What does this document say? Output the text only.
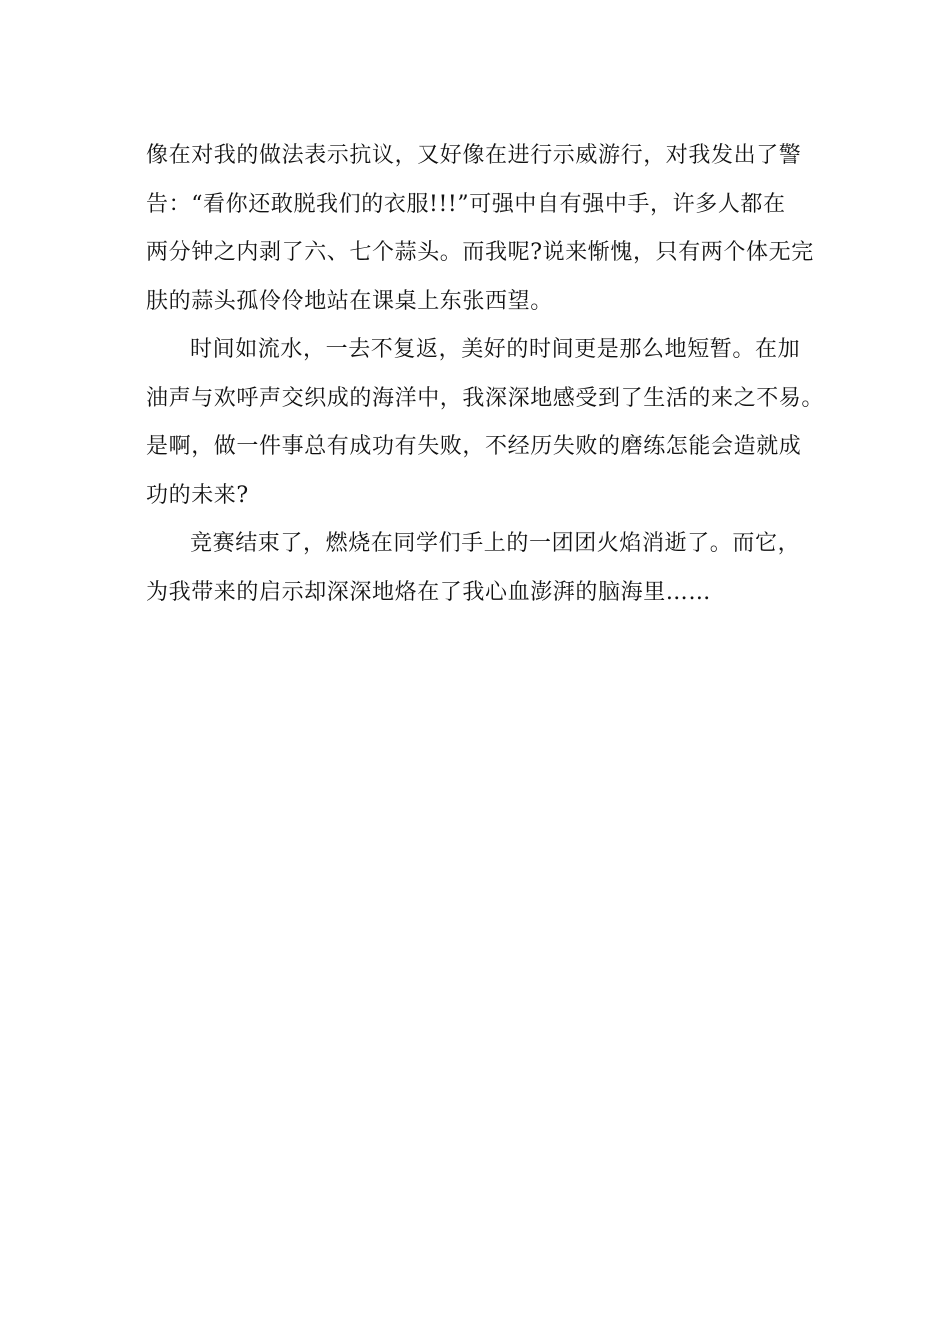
像在对我的做法表示抗议，又好像在进行示威游行，对我发出了警
告：“看你还敢脱我们的衣服!!!”可强中自有强中手，许多人都在
两分钟之内剥了六、七个蒜头。而我呢?说来惭愧，只有两个体无完
肤的蒜头孤伶伶地站在课桌上东张西望。
时间如流水，一去不复返，美好的时间更是那么地短暂。在加
油声与欢呼声交织成的海洋中，我深深地感受到了生活的来之不易。
是啊，做一件事总有成功有失败，不经历失败的磨练怎能会造就成
功的未来?
竞赛结束了，燃烧在同学们手上的一团团火焰消逝了。而它，
为我带来的启示却深深地烙在了我心血澎湃的脑海里……
